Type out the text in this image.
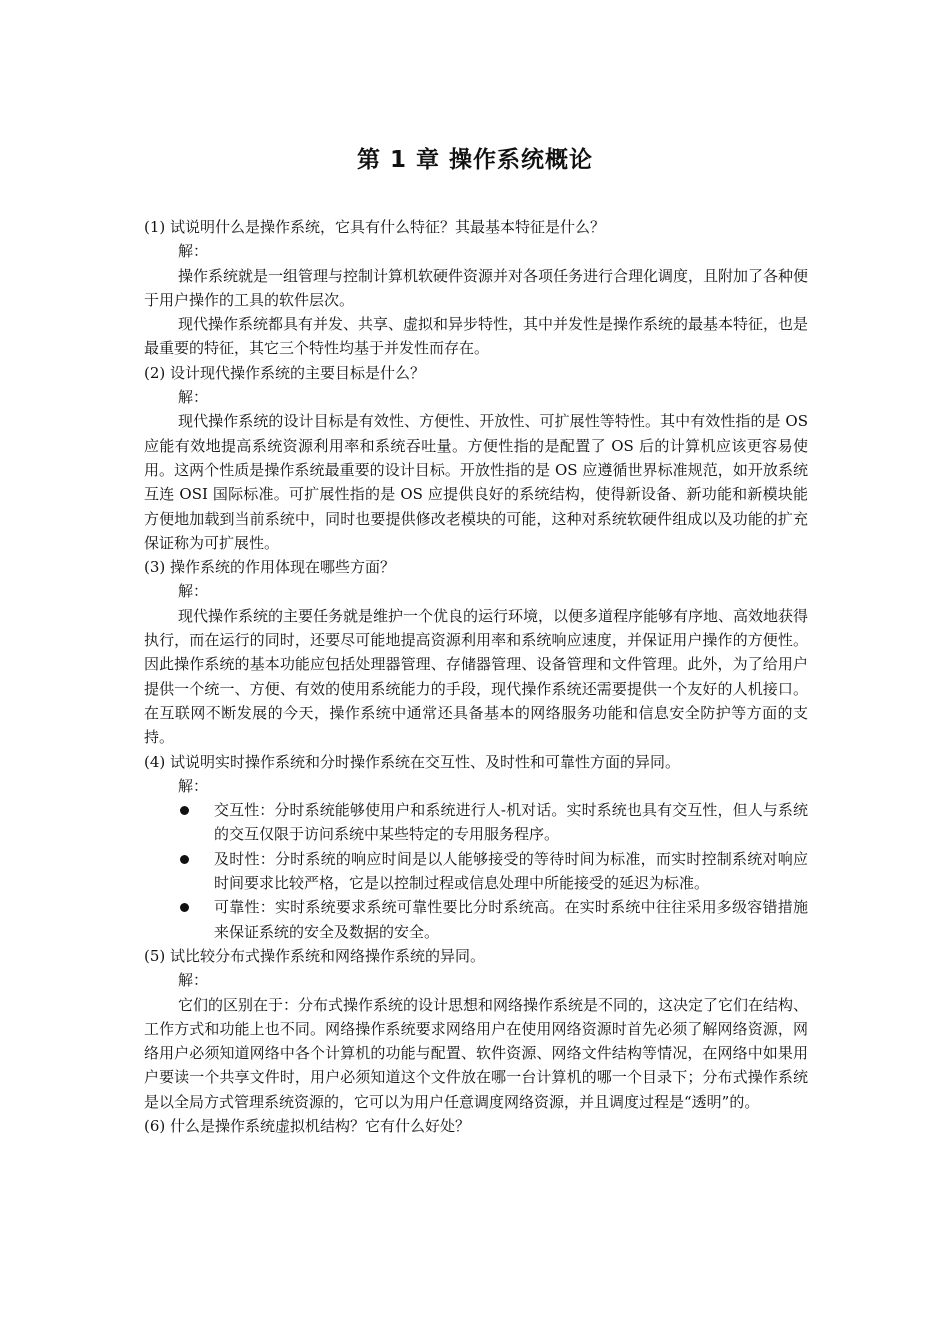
第 1 章 操作系统概论

(1) 试说明什么是操作系统，它具有什么特征？其最基本特征是什么？

解：

操作系统就是一组管理与控制计算机软硬件资源并对各项任务进行合理化调度，且附加了各种便于用户操作的工具的软件层次。

现代操作系统都具有并发、共享、虚拟和异步特性，其中并发性是操作系统的最基本特征，也是最重要的特征，其它三个特性均基于并发性而存在。

(2) 设计现代操作系统的主要目标是什么？

解：

现代操作系统的设计目标是有效性、方便性、开放性、可扩展性等特性。其中有效性指的是 OS 应能有效地提高系统资源利用率和系统吞吐量。方便性指的是配置了 OS 后的计算机应该更容易使用。这两个性质是操作系统最重要的设计目标。开放性指的是 OS 应遵循世界标准规范，如开放系统互连 OSI 国际标准。可扩展性指的是 OS 应提供良好的系统结构，使得新设备、新功能和新模块能方便地加载到当前系统中，同时也要提供修改老模块的可能，这种对系统软硬件组成以及功能的扩充保证称为可扩展性。

(3) 操作系统的作用体现在哪些方面？

解：

现代操作系统的主要任务就是维护一个优良的运行环境，以便多道程序能够有序地、高效地获得执行，而在运行的同时，还要尽可能地提高资源利用率和系统响应速度，并保证用户操作的方便性。因此操作系统的基本功能应包括处理器管理、存储器管理、设备管理和文件管理。此外，为了给用户提供一个统一、方便、有效的使用系统能力的手段，现代操作系统还需要提供一个友好的人机接口。在互联网不断发展的今天，操作系统中通常还具备基本的网络服务功能和信息安全防护等方面的支持。

(4) 试说明实时操作系统和分时操作系统在交互性、及时性和可靠性方面的异同。

解：

交互性：分时系统能够使用户和系统进行人-机对话。实时系统也具有交互性，但人与系统的交互仅限于访问系统中某些特定的专用服务程序。
及时性：分时系统的响应时间是以人能够接受的等待时间为标准，而实时控制系统对响应时间要求比较严格，它是以控制过程或信息处理中所能接受的延迟为标准。
可靠性：实时系统要求系统可靠性要比分时系统高。在实时系统中往往采用多级容错措施来保证系统的安全及数据的安全。

(5) 试比较分布式操作系统和网络操作系统的异同。

解：

它们的区别在于：分布式操作系统的设计思想和网络操作系统是不同的，这决定了它们在结构、工作方式和功能上也不同。网络操作系统要求网络用户在使用网络资源时首先必须了解网络资源，网络用户必须知道网络中各个计算机的功能与配置、软件资源、网络文件结构等情况，在网络中如果用户要读一个共享文件时，用户必须知道这个文件放在哪一台计算机的哪一个目录下；分布式操作系统是以全局方式管理系统资源的，它可以为用户任意调度网络资源，并且调度过程是“透明”的。

(6) 什么是操作系统虚拟机结构？它有什么好处？
